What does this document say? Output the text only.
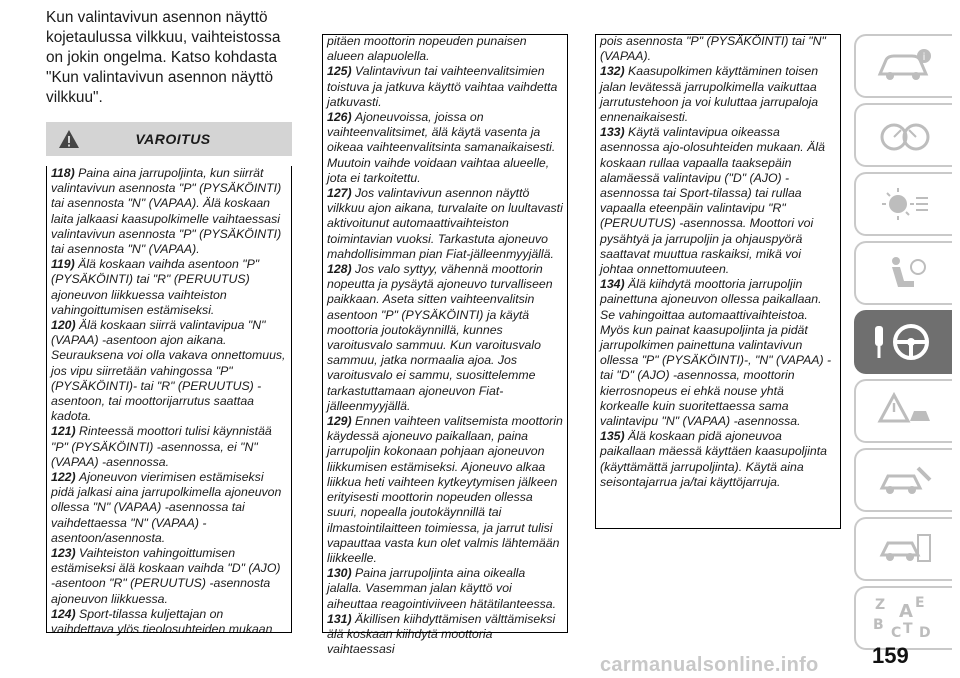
Kun valintavivun asennon näyttö kojetaulussa vilkkuu, vaihteistossa on jokin ongelma. Katso kohdasta "Kun valintavivun asennon näyttö vilkkuu".
VAROITUS

118) Paina aina jarrupoljinta, kun siirrät valintavivun asennosta "P" (PYSÄKÖINTI) tai asennosta "N" (VAPAA). Älä koskaan laita jalkaasi kaasupolkimelle vaihtaessasi valintavivun asennosta "P" (PYSÄKÖINTI) tai asennosta "N" (VAPAA).

119) Älä koskaan vaihda asentoon "P" (PYSÄKÖINTI) tai "R" (PERUUTUS) ajoneuvon liikkuessa vaihteiston vahingoittumisen estämiseksi.

120) Älä koskaan siirrä valintavipua "N" (VAPAA) -asentoon ajon aikana. Seurauksena voi olla vakava onnettomuus, jos vipu siirretään vahingossa "P" (PYSÄKÖINTI)- tai "R" (PERUUTUS) -asentoon, tai moottorijarrutus saattaa kadota.

121) Rinteessä moottori tulisi käynnistää "P" (PYSÄKÖINTI) -asennossa, ei "N" (VAPAA) -asennossa.

122) Ajoneuvon vierimisen estämiseksi pidä jalkasi aina jarrupolkimella ajoneuvon ollessa "N" (VAPAA) -asennossa tai vaihdettaessa "N" (VAPAA) -asentoon/asennosta.

123) Vaihteiston vahingoittumisen estämiseksi älä koskaan vaihda "D" (AJO) -asentoon "R" (PERUUTUS) -asennosta ajoneuvon liikkuessa.

124) Sport-tilassa kuljettajan on vaihdettava ylös tieolosuhteiden mukaan

pitäen moottorin nopeuden punaisen alueen alapuolella.

125) Valintavivun tai vaihteenvalitsimien toistuva ja jatkuva käyttö vaihtaa vaihdetta jatkuvasti.

126) Ajoneuvoissa, joissa on vaihteenvalitsimet, älä käytä vasenta ja oikeaa vaihteenvalitsinta samanaikaisesti. Muutoin vaihde voidaan vaihtaa alueelle, jota ei tarkoitettu.

127) Jos valintavivun asennon näyttö vilkkuu ajon aikana, turvalaite on luultavasti aktivoitunut automaattivaihteiston toimintavian vuoksi. Tarkastuta ajoneuvo mahdollisimman pian Fiat-jälleenmyyjällä.

128) Jos valo syttyy, vähennä moottorin nopeutta ja pysäytä ajoneuvo turvalliseen paikkaan. Aseta sitten vaihteenvalitsin asentoon "P" (PYSÄKÖINTI) ja käytä moottoria joutokäynnillä, kunnes varoitusvalo sammuu. Kun varoitusvalo sammuu, jatka normaalia ajoa. Jos varoitusvalo ei sammu, suosittelemme tarkastuttamaan ajoneuvon Fiat-jälleenmyyjällä.

129) Ennen vaihteen valitsemista moottorin käydessä ajoneuvo paikallaan, paina jarrupoljin kokonaan pohjaan ajoneuvon liikkumisen estämiseksi. Ajoneuvo alkaa liikkua heti vaihteen kytkeytymisen jälkeen erityisesti moottorin nopeuden ollessa suuri, nopealla joutokäynnillä tai ilmastointilaitteen toimiessa, ja jarrut tulisi vapauttaa vasta kun olet valmis lähtemään liikkeelle.

130) Paina jarrupoljinta aina oikealla jalalla. Vasemman jalan käyttö voi aiheuttaa reagointiviiveen hätätilanteessa.

131) Äkillisen kiihdyttämisen välttämiseksi älä koskaan kiihdytä moottoria vaihtaessasi

pois asennosta "P" (PYSÄKÖINTI) tai "N" (VAPAA).

132) Kaasupolkimen käyttäminen toisen jalan levätessä jarrupolkimella vaikuttaa jarrutustehoon ja voi kuluttaa jarrupaloja ennenaikaisesti.

133) Käytä valintavipua oikeassa asennossa ajo-olosuhteiden mukaan. Älä koskaan rullaa vapaalla taaksepäin alamäessä valintavipu ("D" (AJO) -asennossa tai Sport-tilassa) tai rullaa vapaalla eteenpäin valintavipu "R" (PERUUTUS) -asennossa. Moottori voi pysähtyä ja jarrupoljin ja ohjauspyörä saattavat muuttua raskaiksi, mikä voi johtaa onnettomuuteen.

134) Älä kiihdytä moottoria jarrupoljin painettuna ajoneuvon ollessa paikallaan. Se vahingoittaa automaattivaihteistoa. Myös kun painat kaasupoljinta ja pidät jarrupolkimen painettuna valintavivun ollessa "P" (PYSÄKÖINTI)-, "N" (VAPAA) - tai "D" (AJO) -asennossa, moottorin kierrosnopeus ei ehkä nouse yhtä korkealle kuin suoritettaessa sama valintavipu "N" (VAPAA) -asennossa.

135) Älä koskaan pidä ajoneuvoa paikallaan mäessä käyttäen kaasupoljinta (käyttämättä jarrupoljinta). Käytä aina seisontajarrua ja/tai käyttöjarruja.

i
Z E
B C T D
A
159
carmanualsonline.info
